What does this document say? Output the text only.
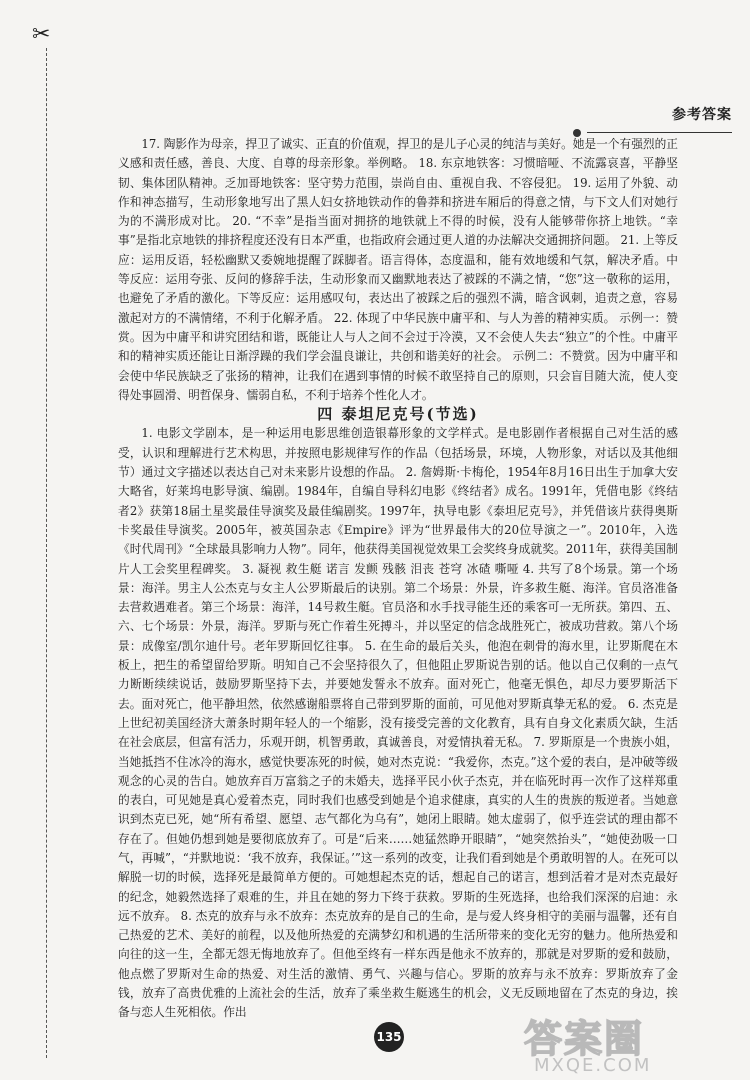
✂
参考答案

17. 陶影作为母亲，捍卫了诚实、正直的价值观，捍卫的是儿子心灵的纯洁与美好。她是一个有强烈的正义感和责任感，善良、大度、自尊的母亲形象。举例略。 18. 东京地铁客：习惯暗哑、不流露哀喜，平静坚韧、集体团队精神。乏加哥地铁客：坚守势力范围，崇尚自由、重视自我、不容侵犯。 19. 运用了外貌、动作和神态描写，生动形象地写出了黑人妇女挤地铁动作的鲁莽和挤进车厢后的得意之情，与下文人们对她行为的不满形成对比。 20. “不幸”是指当面对拥挤的地铁就上不得的时候，没有人能够带你挤上地铁。“幸事”是指北京地铁的排挤程度还没有日本严重，也指政府会通过更人道的办法解决交通拥挤问题。 21. 上等反应：运用反语，轻松幽默又委婉地提醒了踩脚者。语言得体，态度温和，能有效地缓和气氛，解决矛盾。中等反应：运用夸张、反问的修辞手法，生动形象而又幽默地表达了被踩的不满之情，“您”这一敬称的运用，也避免了矛盾的激化。下等反应：运用感叹句，表达出了被踩之后的强烈不满，暗含讽刺，追责之意，容易激起对方的不满情绪，不利于化解矛盾。 22. 体现了中华民族中庸平和、与人为善的精神实质。 示例一：赞赏。因为中庸平和讲究团结和谐，既能让人与人之间不会过于冷漠，又不会使人失去“独立”的个性。中庸平和的精神实质还能让日渐浮躁的我们学会温良谦让，共创和谐美好的社会。 示例二：不赞赏。因为中庸平和会使中华民族缺乏了张扬的精神，让我们在遇到事情的时候不敢坚持自己的原则，只会盲目随大流，使人变得处事圆滑、明哲保身、懦弱自私，不利于培养个性化人才。

四 泰坦尼克号(节选)

1. 电影文学剧本，是一种运用电影思维创造银幕形象的文学样式。是电影剧作者根据自己对生活的感受，认识和理解进行艺术构思，并按照电影规律写作的作品（包括场景，环境，人物形象，对话以及其他细节）通过文字描述以表达自己对未来影片设想的作品。 2. 詹姆斯·卡梅伦，1954年8月16日出生于加拿大安大略省，好莱坞电影导演、编剧。1984年，自编自导科幻电影《终结者》成名。1991年，凭借电影《终结者2》获第18届土星奖最佳导演奖及最佳编剧奖。1997年，执导电影《泰坦尼克号》，并凭借该片获得奥斯卡奖最佳导演奖。2005年，被英国杂志《Empire》评为“世界最伟大的20位导演之一”。2010年，入选《时代周刊》“全球最具影响力人物”。同年，他获得美国视觉效果工会奖终身成就奖。2011年，获得美国制片人工会奖里程碑奖。 3. 凝视 救生艇 诺言 发颤 残骸 泪丧 苍穹 冰碴 嘶哑 4. 共写了8个场景。第一个场景：海洋。男主人公杰克与女主人公罗斯最后的诀别。第二个场景：外景，许多救生艇、海洋。官员洛准备去营救遇难者。第三个场景：海洋，14号救生艇。官员洛和水手找寻能生还的乘客可一无所获。第四、五、六、七个场景：外景，海洋。罗斯与死亡作着生死搏斗，并以坚定的信念战胜死亡，被成功营救。第八个场景：成像室/凯尔迪什号。老年罗斯回忆往事。 5. 在生命的最后关头，他泡在刺骨的海水里，让罗斯爬在木板上，把生的希望留给罗斯。明知自己不会坚持很久了，但他阻止罗斯说告别的话。他以自己仅剩的一点气力断断续续说话，鼓励罗斯坚持下去，并要她发誓永不放弃。面对死亡，他毫无惧色，却尽力要罗斯活下去。面对死亡，他平静坦然，依然感谢船票将自己带到罗斯的面前，可见他对罗斯真挚无私的爱。 6. 杰克是上世纪初美国经济大萧条时期年轻人的一个缩影，没有接受完善的文化教育，具有自身文化素质欠缺，生活在社会底层，但富有活力，乐观开朗，机智勇敢，真诚善良，对爱情执着无私。 7. 罗斯原是一个贵族小姐，当她抵挡不住冰冷的海水，感觉快要冻死的时候，她对杰克说：“我爱你，杰克。”这个爱的表白，是冲破等级观念的心灵的告白。她放弃百万富翁之子的未婚夫，选择平民小伙子杰克，并在临死时再一次作了这样郑重的表白，可见她是真心爱着杰克，同时我们也感受到她是个追求健康，真实的人生的贵族的叛逆者。当她意识到杰克已死，她“所有希望、愿望、志气都化为乌有”，她闭上眼睛。她太虚弱了，似乎连尝试的理由都不存在了。但她仍想到她是要彻底放弃了。可是“后来……她猛然睁开眼睛”，“她突然抬头”，“她使劲吸一口气，再喊”，“并默地说：‘我不放弃，我保证。’”这一系列的改变，让我们看到她是个勇敢明智的人。在死可以解脱一切的时候，选择死是最简单方便的。可她想起杰克的话，想起自己的诺言，想到活着才是对杰克最好的纪念，她毅然选择了艰难的生，并且在她的努力下终于获救。罗斯的生死选择，也给我们深深的启迪：永远不放弃。 8. 杰克的放弃与永不放弃：杰克放弃的是自己的生命，是与爱人终身相守的美丽与温馨，还有自己热爱的艺术、美好的前程，以及他所热爱的充满梦幻和机遇的生活所带来的变化无穷的魅力。他所热爱和向往的这一生，全都无怨无悔地放弃了。但他至终有一样东西是他永不放弃的，那就是对罗斯的爱和鼓励，他点燃了罗斯对生命的热爱、对生活的激情、勇气、兴趣与信心。罗斯的放弃与永不放弃：罗斯放弃了金钱，放弃了高贵优雅的上流社会的生活，放弃了乘坐救生艇逃生的机会，义无反顾地留在了杰克的身边，挨备与恋人生死相依。作出

135	答案圈
MXQE.COM
